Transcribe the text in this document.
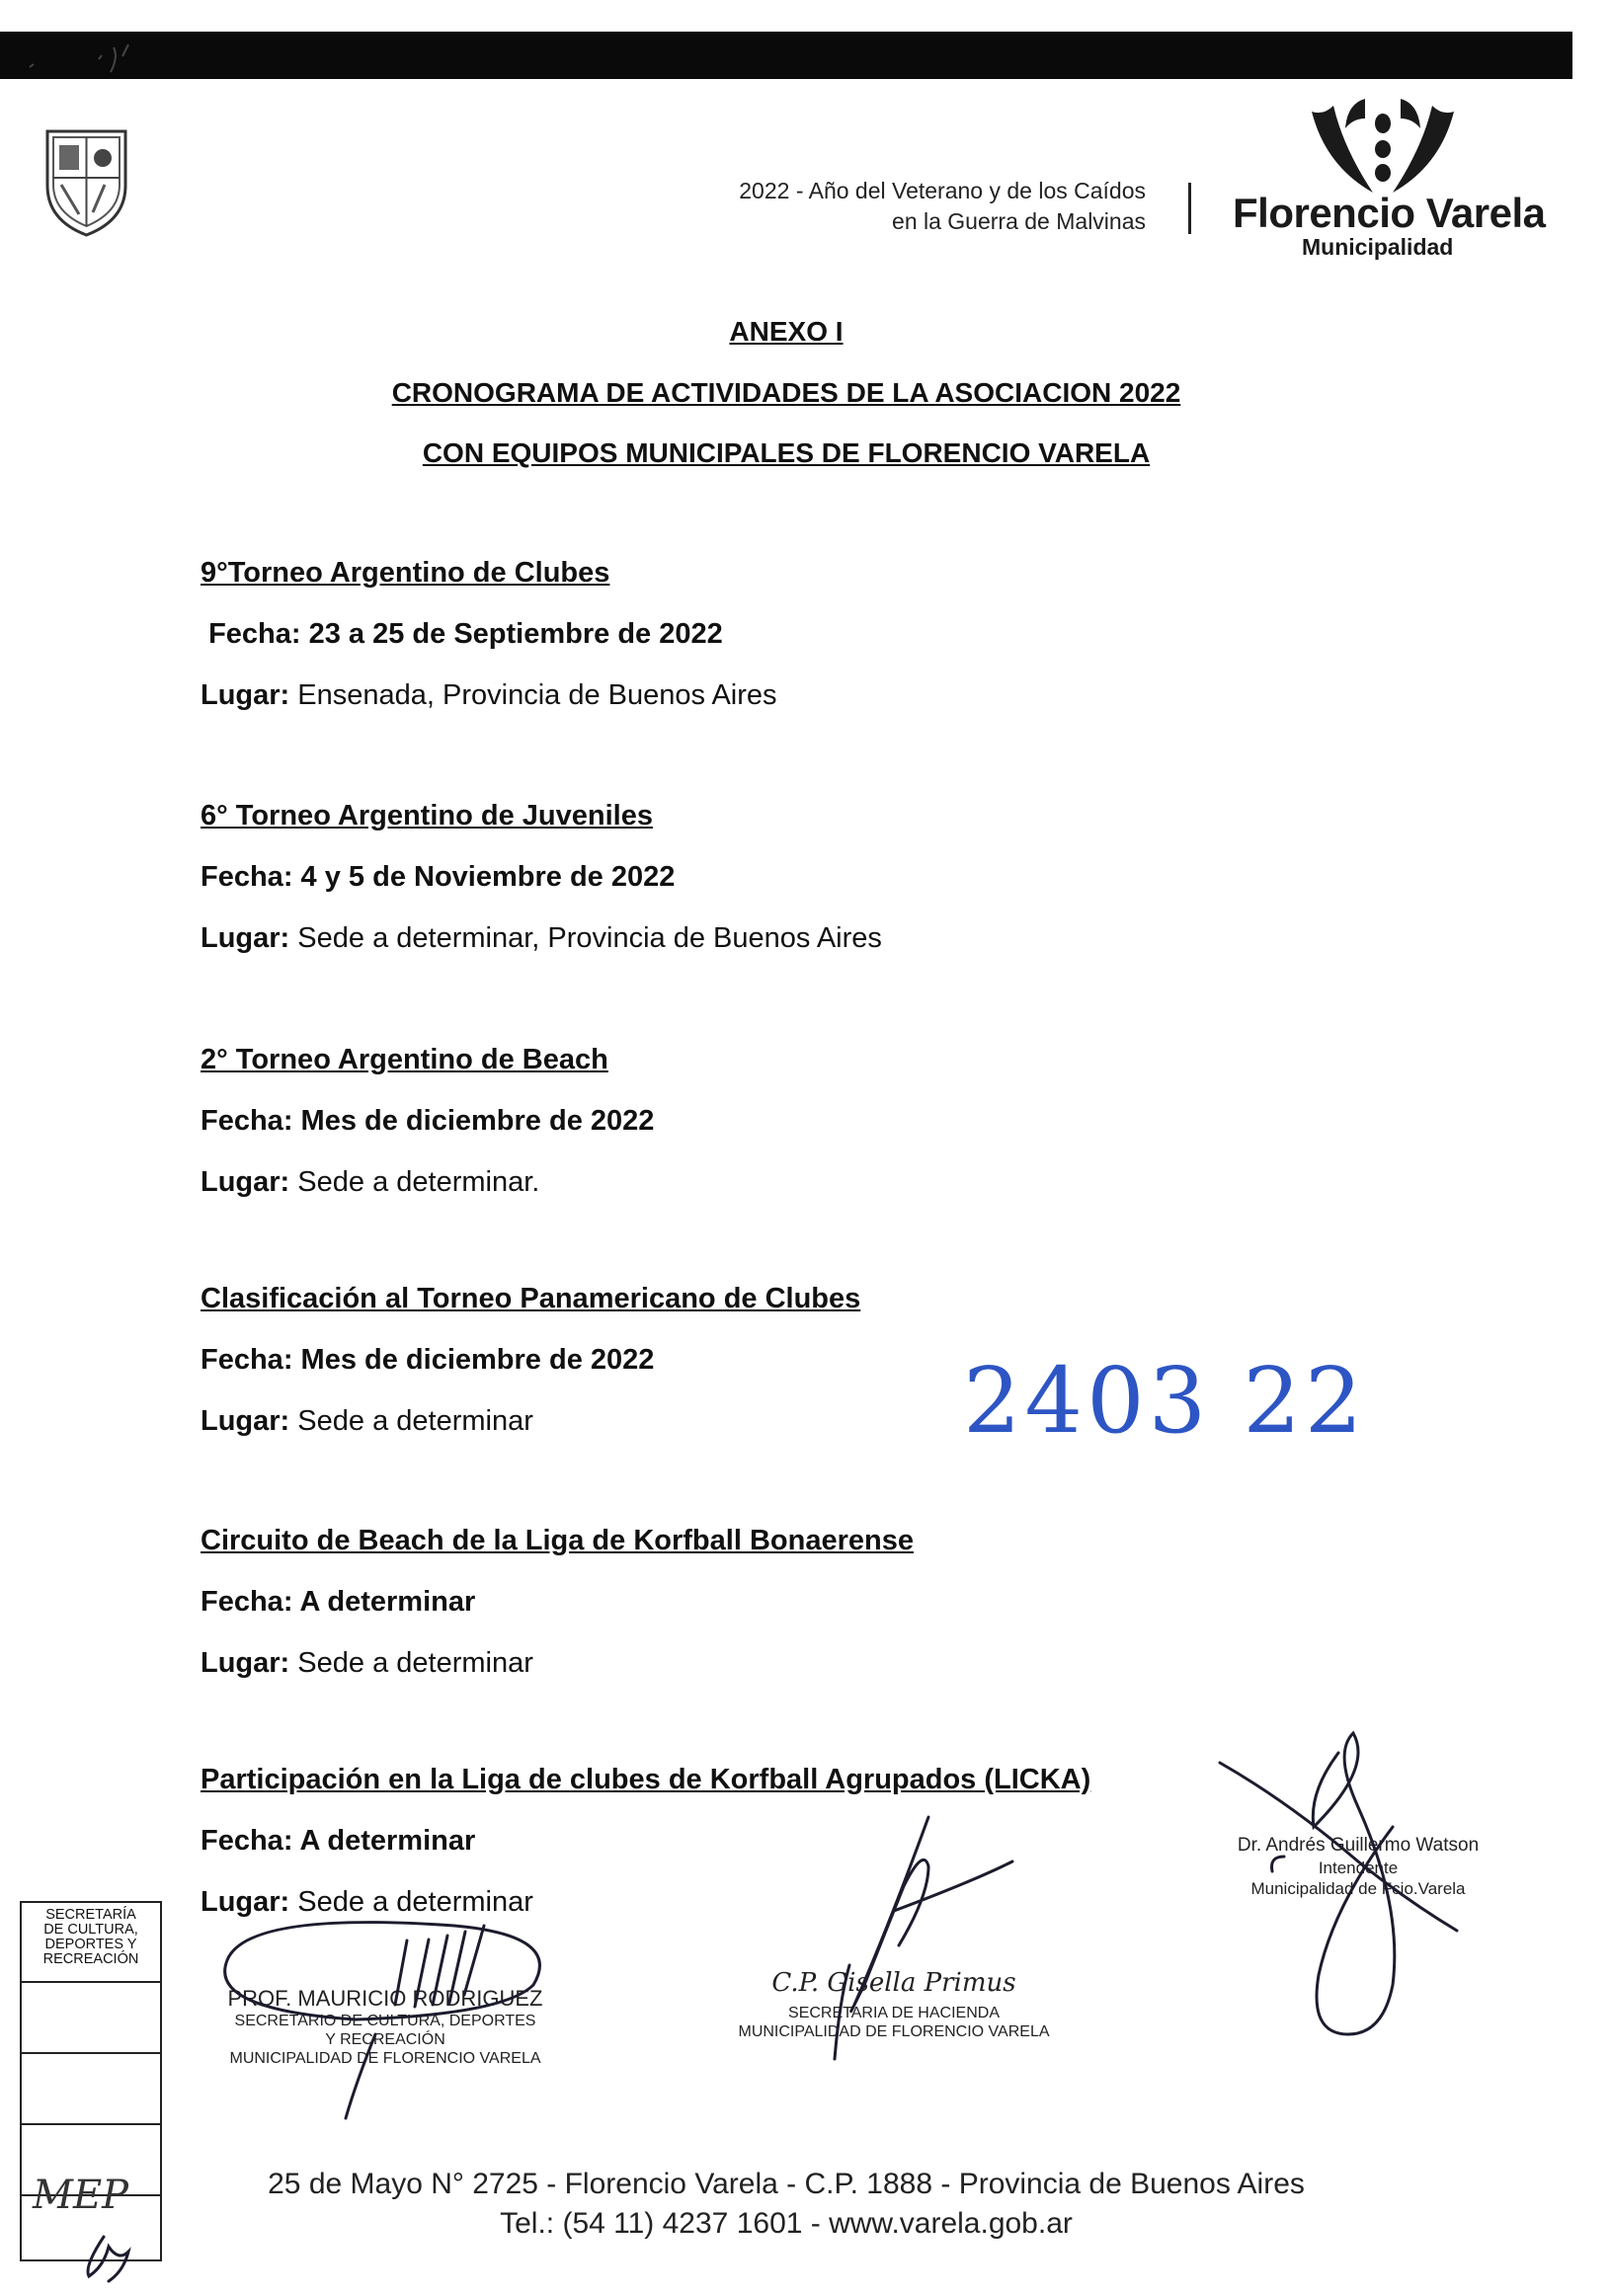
2022 - Año del Veterano y de los Caídos
en la Guerra de Malvinas Florencio Varela
Municipalidad
ANEXO I
CRONOGRAMA DE ACTIVIDADES DE LA ASOCIACION 2022
CON EQUIPOS MUNICIPALES DE FLORENCIO VARELA
9°Torneo Argentino de Clubes
Fecha: 23 a 25 de Septiembre de 2022
Lugar: Ensenada, Provincia de Buenos Aires
6° Torneo Argentino de Juveniles
Fecha: 4 y 5 de Noviembre de 2022
Lugar: Sede a determinar, Provincia de Buenos Aires
2° Torneo Argentino de Beach
Fecha: Mes de diciembre de 2022
Lugar: Sede a determinar.
Clasificación al Torneo Panamericano de Clubes
Fecha: Mes de diciembre de 2022
Lugar: Sede a determinar
Circuito de Beach de la Liga de Korfball Bonaerense
Fecha: A determinar
Lugar: Sede a determinar
Participación en la Liga de clubes de Korfball Agrupados (LICKA)
Fecha: A determinar
Lugar: Sede a determinar
2403 22
SECRETARÍA
DE CULTURA,
DEPORTES Y
RECREACIÓN
MEP
PROF. MAURICIO RODRIGUEZ
SECRETARIO DE CULTURA, DEPORTES
Y RECREACIÓN
MUNICIPALIDAD DE FLORENCIO VARELA
C.P. Gisella Primus
SECRETARIA DE HACIENDA
MUNICIPALIDAD DE FLORENCIO VARELA
Dr. Andrés Guillermo Watson
Intendente
Municipalidad de Fcio.Varela
25 de Mayo N° 2725 - Florencio Varela - C.P. 1888 - Provincia de Buenos Aires
Tel.: (54 11) 4237 1601 - www.varela.gob.ar
